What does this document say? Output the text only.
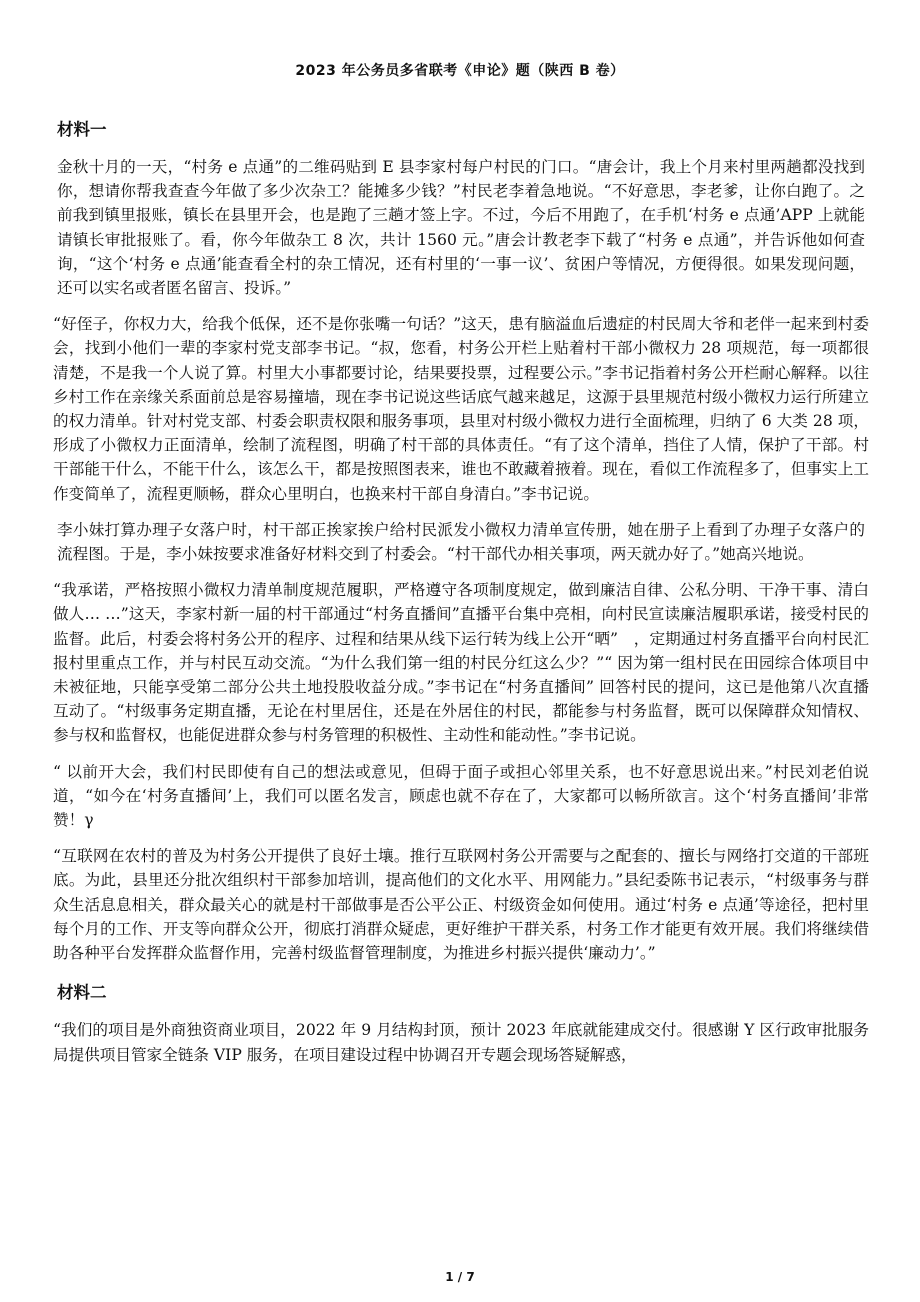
2023 年公务员多省联考《申论》题（陕西 B 卷）
材料一

金秋十月的一天，“村务 e 点通”的二维码贴到 E 县李家村每户村民的门口。“唐会计，我上个月来村里两趟都没找到你，想请你帮我查查今年做了多少次杂工？能摊多少钱？”村民老李着急地说。“不好意思，李老爹，让你白跑了。之前我到镇里报账，镇长在县里开会，也是跑了三趟才签上字。不过，今后不用跑了，在手机‘村务 e 点通’APP 上就能请镇长审批报账了。看，你今年做杂工 8 次，共计 1560 元。”唐会计教老李下载了“村务 e 点通”，并告诉他如何查询，“这个‘村务 e 点通’能查看全村的杂工情况，还有村里的‘一事一议’、贫困户等情况，方便得很。如果发现问题，还可以实名或者匿名留言、投诉。”

“好侄子，你权力大，给我个低保，还不是你张嘴一句话？”这天，患有脑溢血后遗症的村民周大爷和老伴一起来到村委会，找到小他们一辈的李家村党支部李书记。“叔，您看，村务公开栏上贴着村干部小微权力 28 项规范，每一项都很清楚，不是我一个人说了算。村里大小事都要讨论，结果要投票，过程要公示。”李书记指着村务公开栏耐心解释。以往乡村工作在亲缘关系面前总是容易撞墙，现在李书记说这些话底气越来越足，这源于县里规范村级小微权力运行所建立的权力清单。针对村党支部、村委会职责权限和服务事项，县里对村级小微权力进行全面梳理，归纳了 6 大类 28 项，形成了小微权力正面清单，绘制了流程图，明确了村干部的具体责任。“有了这个清单，挡住了人情，保护了干部。村干部能干什么，不能干什么，该怎么干，都是按照图表来，谁也不敢藏着掖着。现在，看似工作流程多了，但事实上工作变简单了，流程更顺畅，群众心里明白，也换来村干部自身清白。”李书记说。

李小妹打算办理子女落户时，村干部正挨家挨户给村民派发小微权力清单宣传册，她在册子上看到了办理子女落户的流程图。于是，李小妹按要求准备好材料交到了村委会。“村干部代办相关事项，两天就办好了。”她高兴地说。

“我承诺，严格按照小微权力清单制度规范履职，严格遵守各项制度规定，做到廉洁自律、公私分明、干净干事、清白做人… …”这天，李家村新一届的村干部通过“村务直播间”直播平台集中亮相，向村民宣读廉洁履职承诺，接受村民的监督。此后，村委会将村务公开的程序、过程和结果从线下运行转为线上公开“晒”　，定期通过村务直播平台向村民汇报村里重点工作，并与村民互动交流。“为什么我们第一组的村民分红这么少？”“ 因为第一组村民在田园综合体项目中未被征地，只能享受第二部分公共土地投股收益分成。”李书记在“村务直播间” 回答村民的提问，这已是他第八次直播互动了。“村级事务定期直播，无论在村里居住，还是在外居住的村民，都能参与村务监督，既可以保障群众知情权、参与权和监督权，也能促进群众参与村务管理的积极性、主动性和能动性。”李书记说。

“ 以前开大会，我们村民即使有自己的想法或意见，但碍于面子或担心邻里关系，也不好意思说出来。”村民刘老伯说道，“如今在‘村务直播间’上，我们可以匿名发言，顾虑也就不存在了，大家都可以畅所欲言。这个‘村务直播间’非常赞！γ

“互联网在农村的普及为村务公开提供了良好土壤。推行互联网村务公开需要与之配套的、擅长与网络打交道的干部班底。为此，县里还分批次组织村干部参加培训，提高他们的文化水平、用网能力。”县纪委陈书记表示，“村级事务与群众生活息息相关，群众最关心的就是村干部做事是否公平公正、村级资金如何使用。通过‘村务 e 点通’等途径，把村里每个月的工作、开支等向群众公开，彻底打消群众疑虑，更好维护干群关系，村务工作才能更有效开展。我们将继续借助各种平台发挥群众监督作用，完善村级监督管理制度，为推进乡村振兴提供‘廉动力’。”

材料二

“我们的项目是外商独资商业项目，2022 年 9 月结构封顶，预计 2023 年底就能建成交付。很感谢 Y 区行政审批服务局提供项目管家全链条 VIP 服务，在项目建设过程中协调召开专题会现场答疑解惑，

1 / 7
